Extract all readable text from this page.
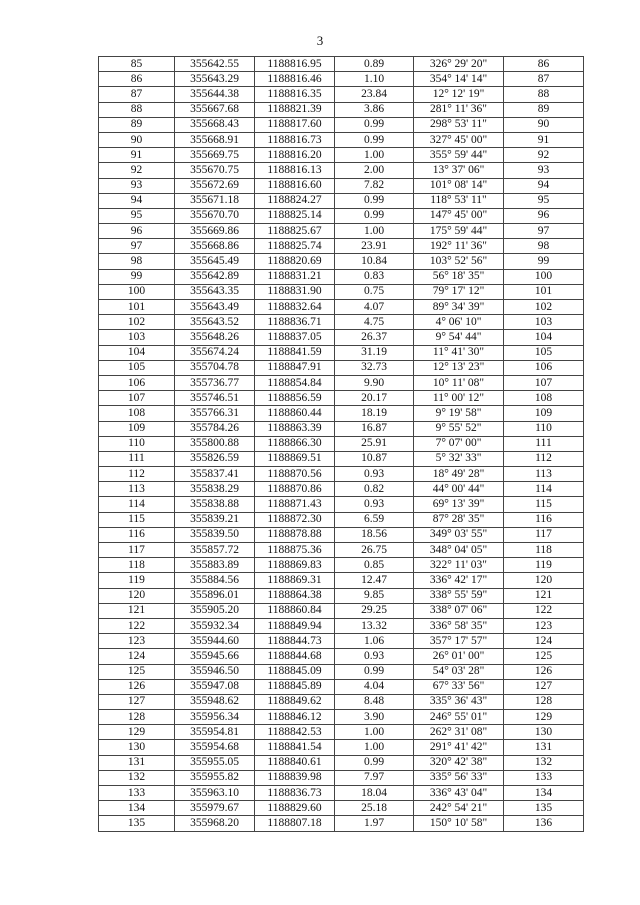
3
85	355642.55	1188816.95	0.89	326° 29' 20"	86
86	355643.29	1188816.46	1.10	354° 14' 14"	87
87	355644.38	1188816.35	23.84	12° 12' 19"	88
88	355667.68	1188821.39	3.86	281° 11' 36"	89
89	355668.43	1188817.60	0.99	298° 53' 11"	90
90	355668.91	1188816.73	0.99	327° 45' 00"	91
91	355669.75	1188816.20	1.00	355° 59' 44"	92
92	355670.75	1188816.13	2.00	13° 37' 06"	93
93	355672.69	1188816.60	7.82	101° 08' 14"	94
94	355671.18	1188824.27	0.99	118° 53' 11"	95
95	355670.70	1188825.14	0.99	147° 45' 00"	96
96	355669.86	1188825.67	1.00	175° 59' 44"	97
97	355668.86	1188825.74	23.91	192° 11' 36"	98
98	355645.49	1188820.69	10.84	103° 52' 56"	99
99	355642.89	1188831.21	0.83	56° 18' 35"	100
100	355643.35	1188831.90	0.75	79° 17' 12"	101
101	355643.49	1188832.64	4.07	89° 34' 39"	102
102	355643.52	1188836.71	4.75	4° 06' 10"	103
103	355648.26	1188837.05	26.37	9° 54' 44"	104
104	355674.24	1188841.59	31.19	11° 41' 30"	105
105	355704.78	1188847.91	32.73	12° 13' 23"	106
106	355736.77	1188854.84	9.90	10° 11' 08"	107
107	355746.51	1188856.59	20.17	11° 00' 12"	108
108	355766.31	1188860.44	18.19	9° 19' 58"	109
109	355784.26	1188863.39	16.87	9° 55' 52"	110
110	355800.88	1188866.30	25.91	7° 07' 00"	111
111	355826.59	1188869.51	10.87	5° 32' 33"	112
112	355837.41	1188870.56	0.93	18° 49' 28"	113
113	355838.29	1188870.86	0.82	44° 00' 44"	114
114	355838.88	1188871.43	0.93	69° 13' 39"	115
115	355839.21	1188872.30	6.59	87° 28' 35"	116
116	355839.50	1188878.88	18.56	349° 03' 55"	117
117	355857.72	1188875.36	26.75	348° 04' 05"	118
118	355883.89	1188869.83	0.85	322° 11' 03"	119
119	355884.56	1188869.31	12.47	336° 42' 17"	120
120	355896.01	1188864.38	9.85	338° 55' 59"	121
121	355905.20	1188860.84	29.25	338° 07' 06"	122
122	355932.34	1188849.94	13.32	336° 58' 35"	123
123	355944.60	1188844.73	1.06	357° 17' 57"	124
124	355945.66	1188844.68	0.93	26° 01' 00"	125
125	355946.50	1188845.09	0.99	54° 03' 28"	126
126	355947.08	1188845.89	4.04	67° 33' 56"	127
127	355948.62	1188849.62	8.48	335° 36' 43"	128
128	355956.34	1188846.12	3.90	246° 55' 01"	129
129	355954.81	1188842.53	1.00	262° 31' 08"	130
130	355954.68	1188841.54	1.00	291° 41' 42"	131
131	355955.05	1188840.61	0.99	320° 42' 38"	132
132	355955.82	1188839.98	7.97	335° 56' 33"	133
133	355963.10	1188836.73	18.04	336° 43' 04"	134
134	355979.67	1188829.60	25.18	242° 54' 21"	135
135	355968.20	1188807.18	1.97	150° 10' 58"	136
